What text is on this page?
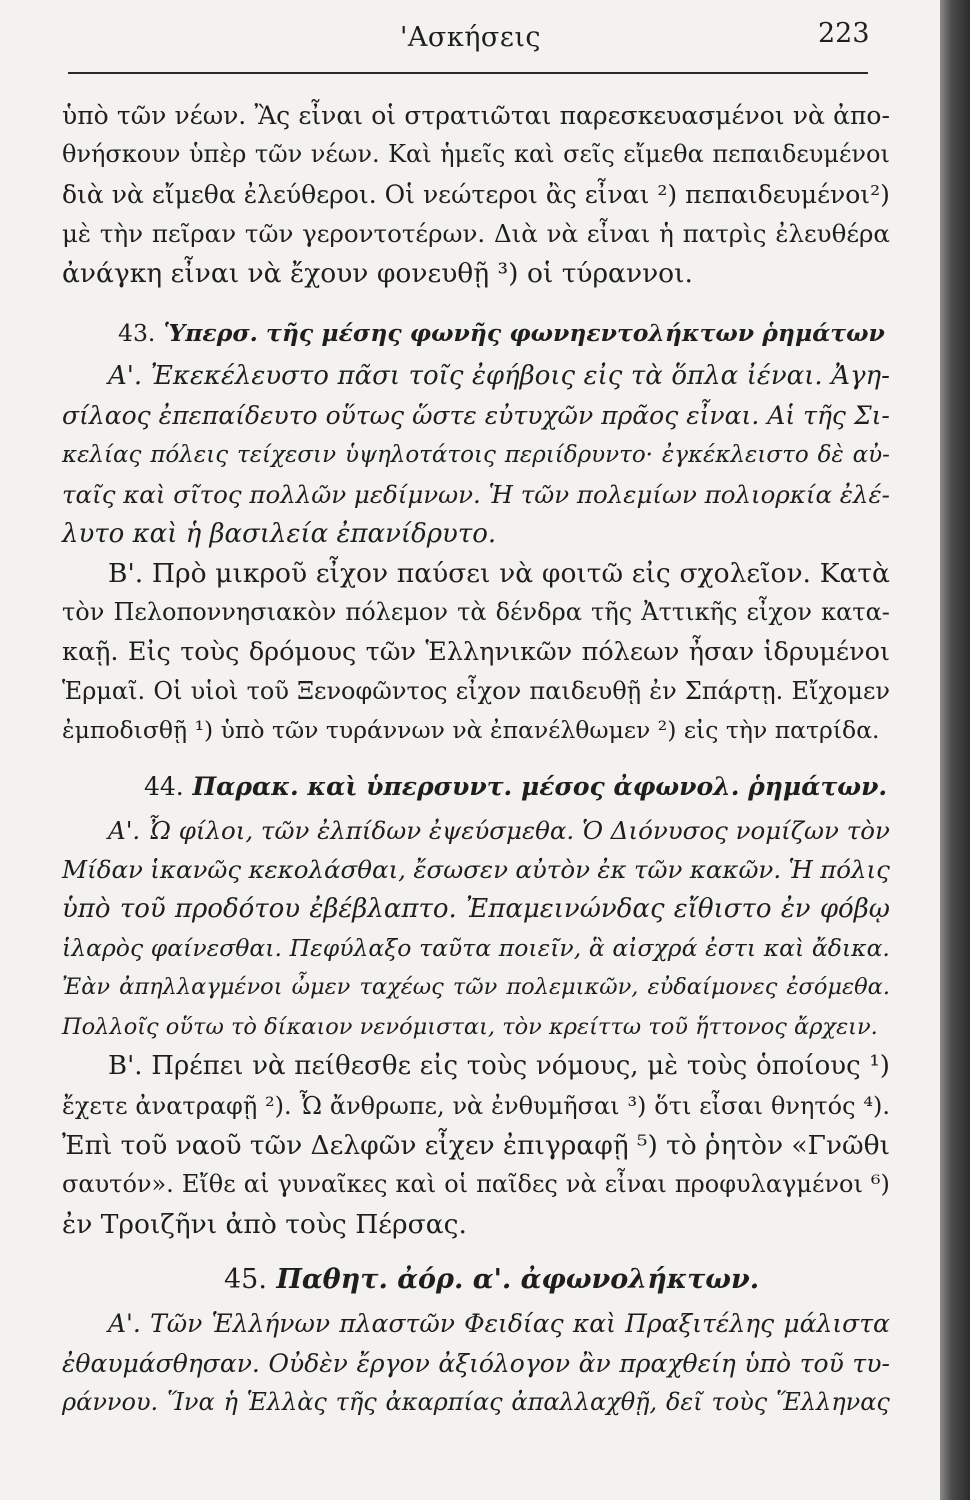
'Ασκήσεις	223
ὑπὸ τῶν νέων. Ἂς εἶναι οἱ στρατιῶται παρεσκευασμένοι νὰ ἀπο-
θνήσκουν ὑπὲρ τῶν νέων. Καὶ ἡμεῖς καὶ σεῖς εἴμεθα πεπαιδευμένοι
διὰ νὰ εἴμεθα ἐλεύθεροι. Οἱ νεώτεροι ἂς εἶναι ²) πεπαιδευμένοι²)
μὲ τὴν πεῖραν τῶν γεροντοτέρων. Διὰ νὰ εἶναι ἡ πατρὶς ἐλευθέρα
ἀνάγκη εἶναι νὰ ἔχουν φονευθῇ ³) οἱ τύραννοι.
43. Ὑπερσ. τῆς μέσης φωνῆς φωνηεντολήκτων ῥημάτων
Α'. Ἐκεκέλευστο πᾶσι τοῖς ἐφήβοις εἰς τὰ ὅπλα ἰέναι. Ἀγη-
σίλαος ἐπεπαίδευτο οὕτως ὥστε εὐτυχῶν πρᾶος εἶναι. Αἱ τῆς Σι-
κελίας πόλεις τείχεσιν ὑψηλοτάτοις περιίδρυντο· ἐγκέκλειστο δὲ αὐ-
ταῖς καὶ σῖτος πολλῶν μεδίμνων. Ἡ τῶν πολεμίων πολιορκία ἐλέ-
λυτο καὶ ἡ βασιλεία ἐπανίδρυτο.
Β'. Πρὸ μικροῦ εἶχον παύσει νὰ φοιτῶ εἰς σχολεῖον. Κατὰ
τὸν Πελοποννησιακὸν πόλεμον τὰ δένδρα τῆς Ἀττικῆς εἶχον κατα-
καῇ. Εἰς τοὺς δρόμους τῶν Ἑλληνικῶν πόλεων ἦσαν ἱδρυμένοι
Ἑρμαῖ. Οἱ υἱοὶ τοῦ Ξενοφῶντος εἶχον παιδευθῇ ἐν Σπάρτῃ. Εἴχομεν
ἐμποδισθῇ ¹) ὑπὸ τῶν τυράννων νὰ ἐπανέλθωμεν ²) εἰς τὴν πατρίδα.
44. Παρακ. καὶ ὑπερσυντ. μέσος ἀφωνολ. ῥημάτων.
Α'. Ὦ φίλοι, τῶν ἐλπίδων ἐψεύσμεθα. Ὁ Διόνυσος νομίζων τὸν
Μίδαν ἱκανῶς κεκολάσθαι, ἔσωσεν αὐτὸν ἐκ τῶν κακῶν. Ἡ πόλις
ὑπὸ τοῦ προδότου ἐβέβλαπτο. Ἐπαμεινώνδας εἴθιστο ἐν φόβῳ
ἱλαρὸς φαίνεσθαι. Πεφύλαξο ταῦτα ποιεῖν, ἃ αἰσχρά ἐστι καὶ ἄδικα.
Ἐὰν ἀπηλλαγμένοι ὦμεν ταχέως τῶν πολεμικῶν, εὐδαίμονες ἐσόμεθα.
Πολλοῖς οὕτω τὸ δίκαιον νενόμισται, τὸν κρείττω τοῦ ἥττονος ἄρχειν.
Β'. Πρέπει νὰ πείθεσθε εἰς τοὺς νόμους, μὲ τοὺς ὁποίους ¹)
ἔχετε ἀνατραφῇ ²). Ὦ ἄνθρωπε, νὰ ἐνθυμῆσαι ³) ὅτι εἶσαι θνητός ⁴).
Ἐπὶ τοῦ ναοῦ τῶν Δελφῶν εἶχεν ἐπιγραφῇ ⁵) τὸ ῥητὸν «Γνῶθι
σαυτόν». Εἴθε αἱ γυναῖκες καὶ οἱ παῖδες νὰ εἶναι προφυλαγμένοι ⁶)
ἐν Τροιζῆνι ἀπὸ τοὺς Πέρσας.
45. Παθητ. ἀόρ. α'. ἀφωνολήκτων.
Α'. Τῶν Ἑλλήνων πλαστῶν Φειδίας καὶ Πραξιτέλης μάλιστα
ἐθαυμάσθησαν. Οὐδὲν ἔργον ἀξιόλογον ἂν πραχθείη ὑπὸ τοῦ τυ-
ράννου. Ἵνα ἡ Ἑλλὰς τῆς ἀκαρπίας ἀπαλλαχθῇ, δεῖ τοὺς Ἕλληνας
